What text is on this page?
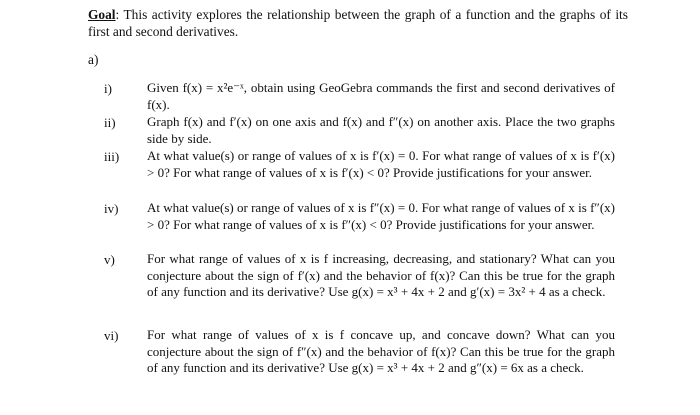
Goal: This activity explores the relationship between the graph of a function and the graphs of its first and second derivatives.
a)
i)	Given f(x) = x²e⁻ˣ, obtain using GeoGebra commands the first and second derivatives of f(x).
ii)	Graph f(x) and f′(x) on one axis and f(x) and f″(x) on another axis. Place the two graphs side by side.
iii)	At what value(s) or range of values of x is f′(x) = 0. For what range of values of x is f′(x) > 0? For what range of values of x is f′(x) < 0? Provide justifications for your answer.
iv)	At what value(s) or range of values of x is f″(x) = 0. For what range of values of x is f″(x) > 0? For what range of values of x is f″(x) < 0? Provide justifications for your answer.
v)	For what range of values of x is f increasing, decreasing, and stationary? What can you conjecture about the sign of f′(x) and the behavior of f(x)? Can this be true for the graph of any function and its derivative? Use g(x) = x³ + 4x + 2 and g′(x) = 3x² + 4 as a check.
vi)	For what range of values of x is f concave up, and concave down? What can you conjecture about the sign of f″(x) and the behavior of f(x)? Can this be true for the graph of any function and its derivative? Use g(x) = x³ + 4x + 2 and g″(x) = 6x as a check.
